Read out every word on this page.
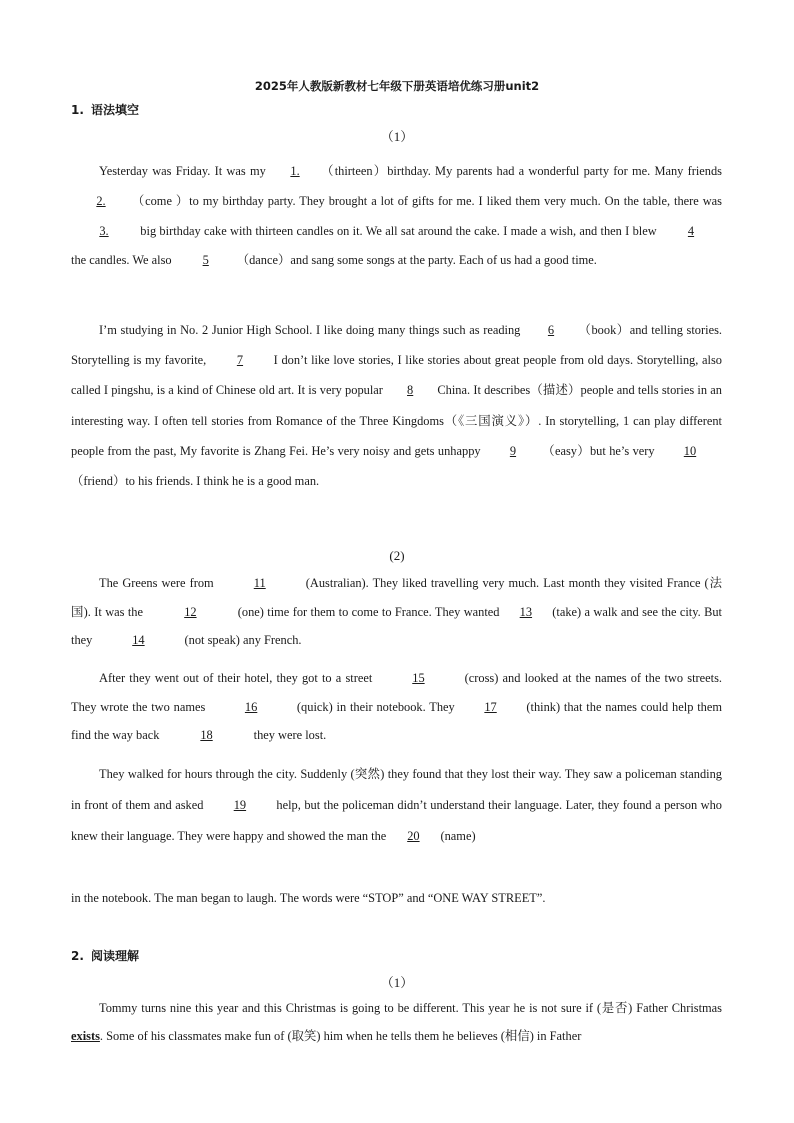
2025年人教版新教材七年级下册英语培优练习册unit2
1. 语法填空
（1）
Yesterday was Friday. It was my 1. （thirteen）birthday. My parents had a wonderful party for me. Many friends 2. （come ）to my birthday party. They brought a lot of gifts for me. I liked them very much. On the table, there was 3. big birthday cake with thirteen candles on it. We all sat around the cake. I made a wish, and then I blew 4 the candles. We also 5 （dance）and sang some songs at the party. Each of us had a good time.
I’m studying in No. 2 Junior High School. I like doing many things such as reading 6 （book）and telling stories. Storytelling is my favorite, 7 I don’t like love stories, I like stories about great people from old days. Storytelling, also called I pingshu, is a kind of Chinese old art. It is very popular 8 China. It describes（描述）people and tells stories in an interesting way. I often tell stories from Romance of the Three Kingdoms（《三国演义》）. In storytelling, 1 can play different people from the past, My favorite is Zhang Fei. He’s very noisy and gets unhappy 9 （easy）but he’s very 10（friend）to his friends. I think he is a good man.
(2)
The Greens were from	11	(Australian). They liked travelling very much. Last month they visited France (法国). It was the	12	(one) time for them to come to France. They wanted 13 (take) a walk and see the city. But they	14	(not speak) any French.
After they went out of their hotel, they got to a street	15	(cross) and looked at the names of the two streets. They wrote the two names	16	(quick) in their notebook. They 17 (think) that the names could help them find the way back	18	they were lost.
They walked for hours through the city. Suddenly (突然) they found that they lost their way. They saw a policeman standing in front of them and asked 19 help, but the policeman didn’t understand their language. Later, they found a person who knew their language. They were happy and showed the man the 20 (name)
in the notebook. The man began to laugh. The words were “STOP” and “ONE WAY STREET”.
2. 阅读理解
（1）
Tommy turns nine this year and this Christmas is going to be different. This year he is not sure if (是否) Father Christmas exists. Some of his classmates make fun of (取笑) him when he tells them he believes (相信) in Father
